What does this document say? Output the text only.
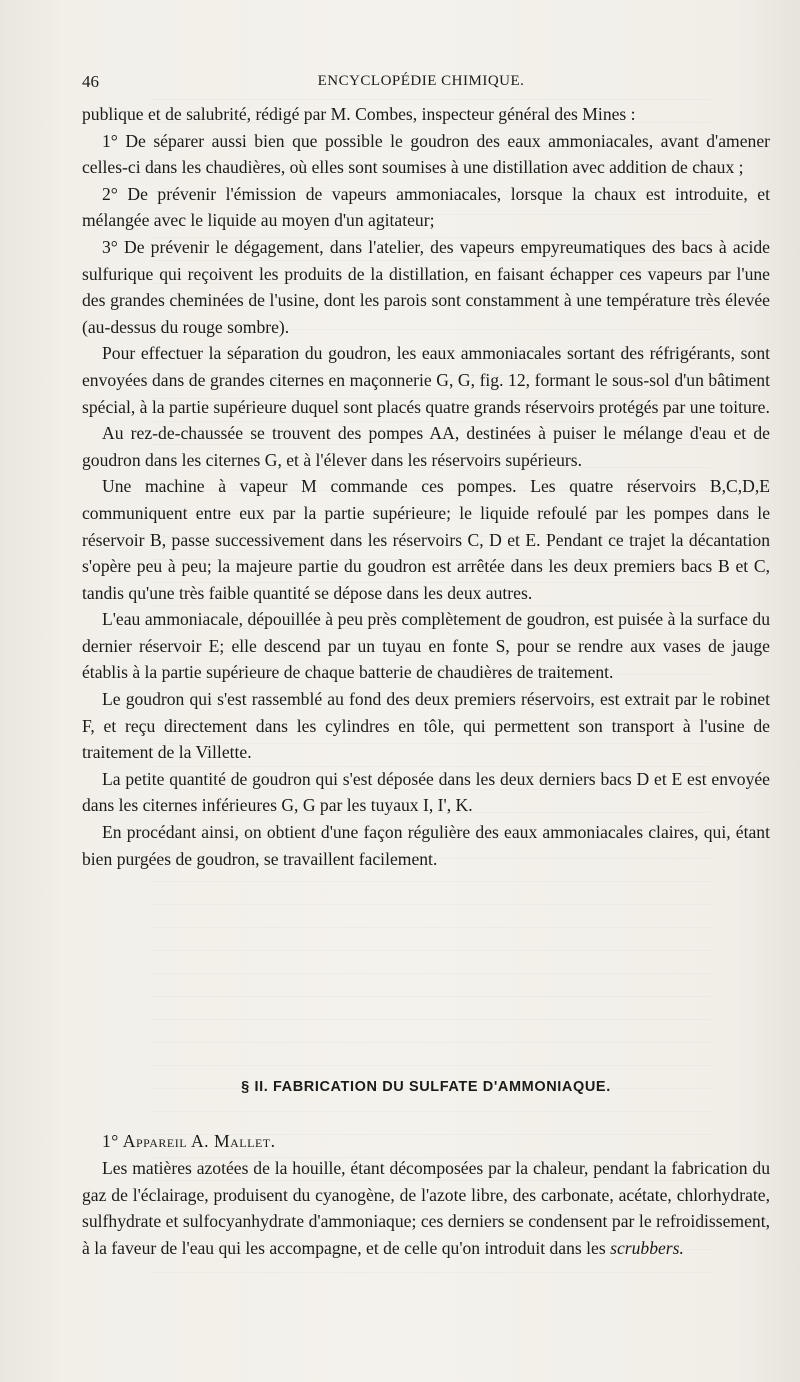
46	ENCYCLOPÉDIE CHIMIQUE.

publique et de salubrité, rédigé par M. Combes, inspecteur général des Mines :

1° De séparer aussi bien que possible le goudron des eaux ammoniacales, avant d'amener celles-ci dans les chaudières, où elles sont soumises à une distillation avec addition de chaux ;

2° De prévenir l'émission de vapeurs ammoniacales, lorsque la chaux est introduite, et mélangée avec le liquide au moyen d'un agitateur;

3° De prévenir le dégagement, dans l'atelier, des vapeurs empyreumatiques des bacs à acide sulfurique qui reçoivent les produits de la distillation, en faisant échapper ces vapeurs par l'une des grandes cheminées de l'usine, dont les parois sont constamment à une température très élevée (au-dessus du rouge sombre).

Pour effectuer la séparation du goudron, les eaux ammoniacales sortant des réfrigérants, sont envoyées dans de grandes citernes en maçonnerie G, G, fig. 12, formant le sous-sol d'un bâtiment spécial, à la partie supérieure duquel sont placés quatre grands réservoirs protégés par une toiture.

Au rez-de-chaussée se trouvent des pompes AA, destinées à puiser le mélange d'eau et de goudron dans les citernes G, et à l'élever dans les réservoirs supérieurs.

Une machine à vapeur M commande ces pompes. Les quatre réservoirs B,C,D,E communiquent entre eux par la partie supérieure; le liquide refoulé par les pompes dans le réservoir B, passe successivement dans les réservoirs C, D et E. Pendant ce trajet la décantation s'opère peu à peu; la majeure partie du goudron est arrêtée dans les deux premiers bacs B et C, tandis qu'une très faible quantité se dépose dans les deux autres.

L'eau ammoniacale, dépouillée à peu près complètement de goudron, est puisée à la surface du dernier réservoir E; elle descend par un tuyau en fonte S, pour se rendre aux vases de jauge établis à la partie supérieure de chaque batterie de chaudières de traitement.

Le goudron qui s'est rassemblé au fond des deux premiers réservoirs, est extrait par le robinet F, et reçu directement dans les cylindres en tôle, qui permettent son transport à l'usine de traitement de la Villette.

La petite quantité de goudron qui s'est déposée dans les deux derniers bacs D et E est envoyée dans les citernes inférieures G, G par les tuyaux I, I', K.

En procédant ainsi, on obtient d'une façon régulière des eaux ammoniacales claires, qui, étant bien purgées de goudron, se travaillent facilement.

§ II. FABRICATION DU SULFATE D'AMMONIAQUE.

1° Appareil A. Mallet.

Les matières azotées de la houille, étant décomposées par la chaleur, pendant la fabrication du gaz de l'éclairage, produisent du cyanogène, de l'azote libre, des carbonate, acétate, chlorhydrate, sulfhydrate et sulfocyanhydrate d'ammoniaque; ces derniers se condensent par le refroidissement, à la faveur de l'eau qui les accompagne, et de celle qu'on introduit dans les scrubbers.
